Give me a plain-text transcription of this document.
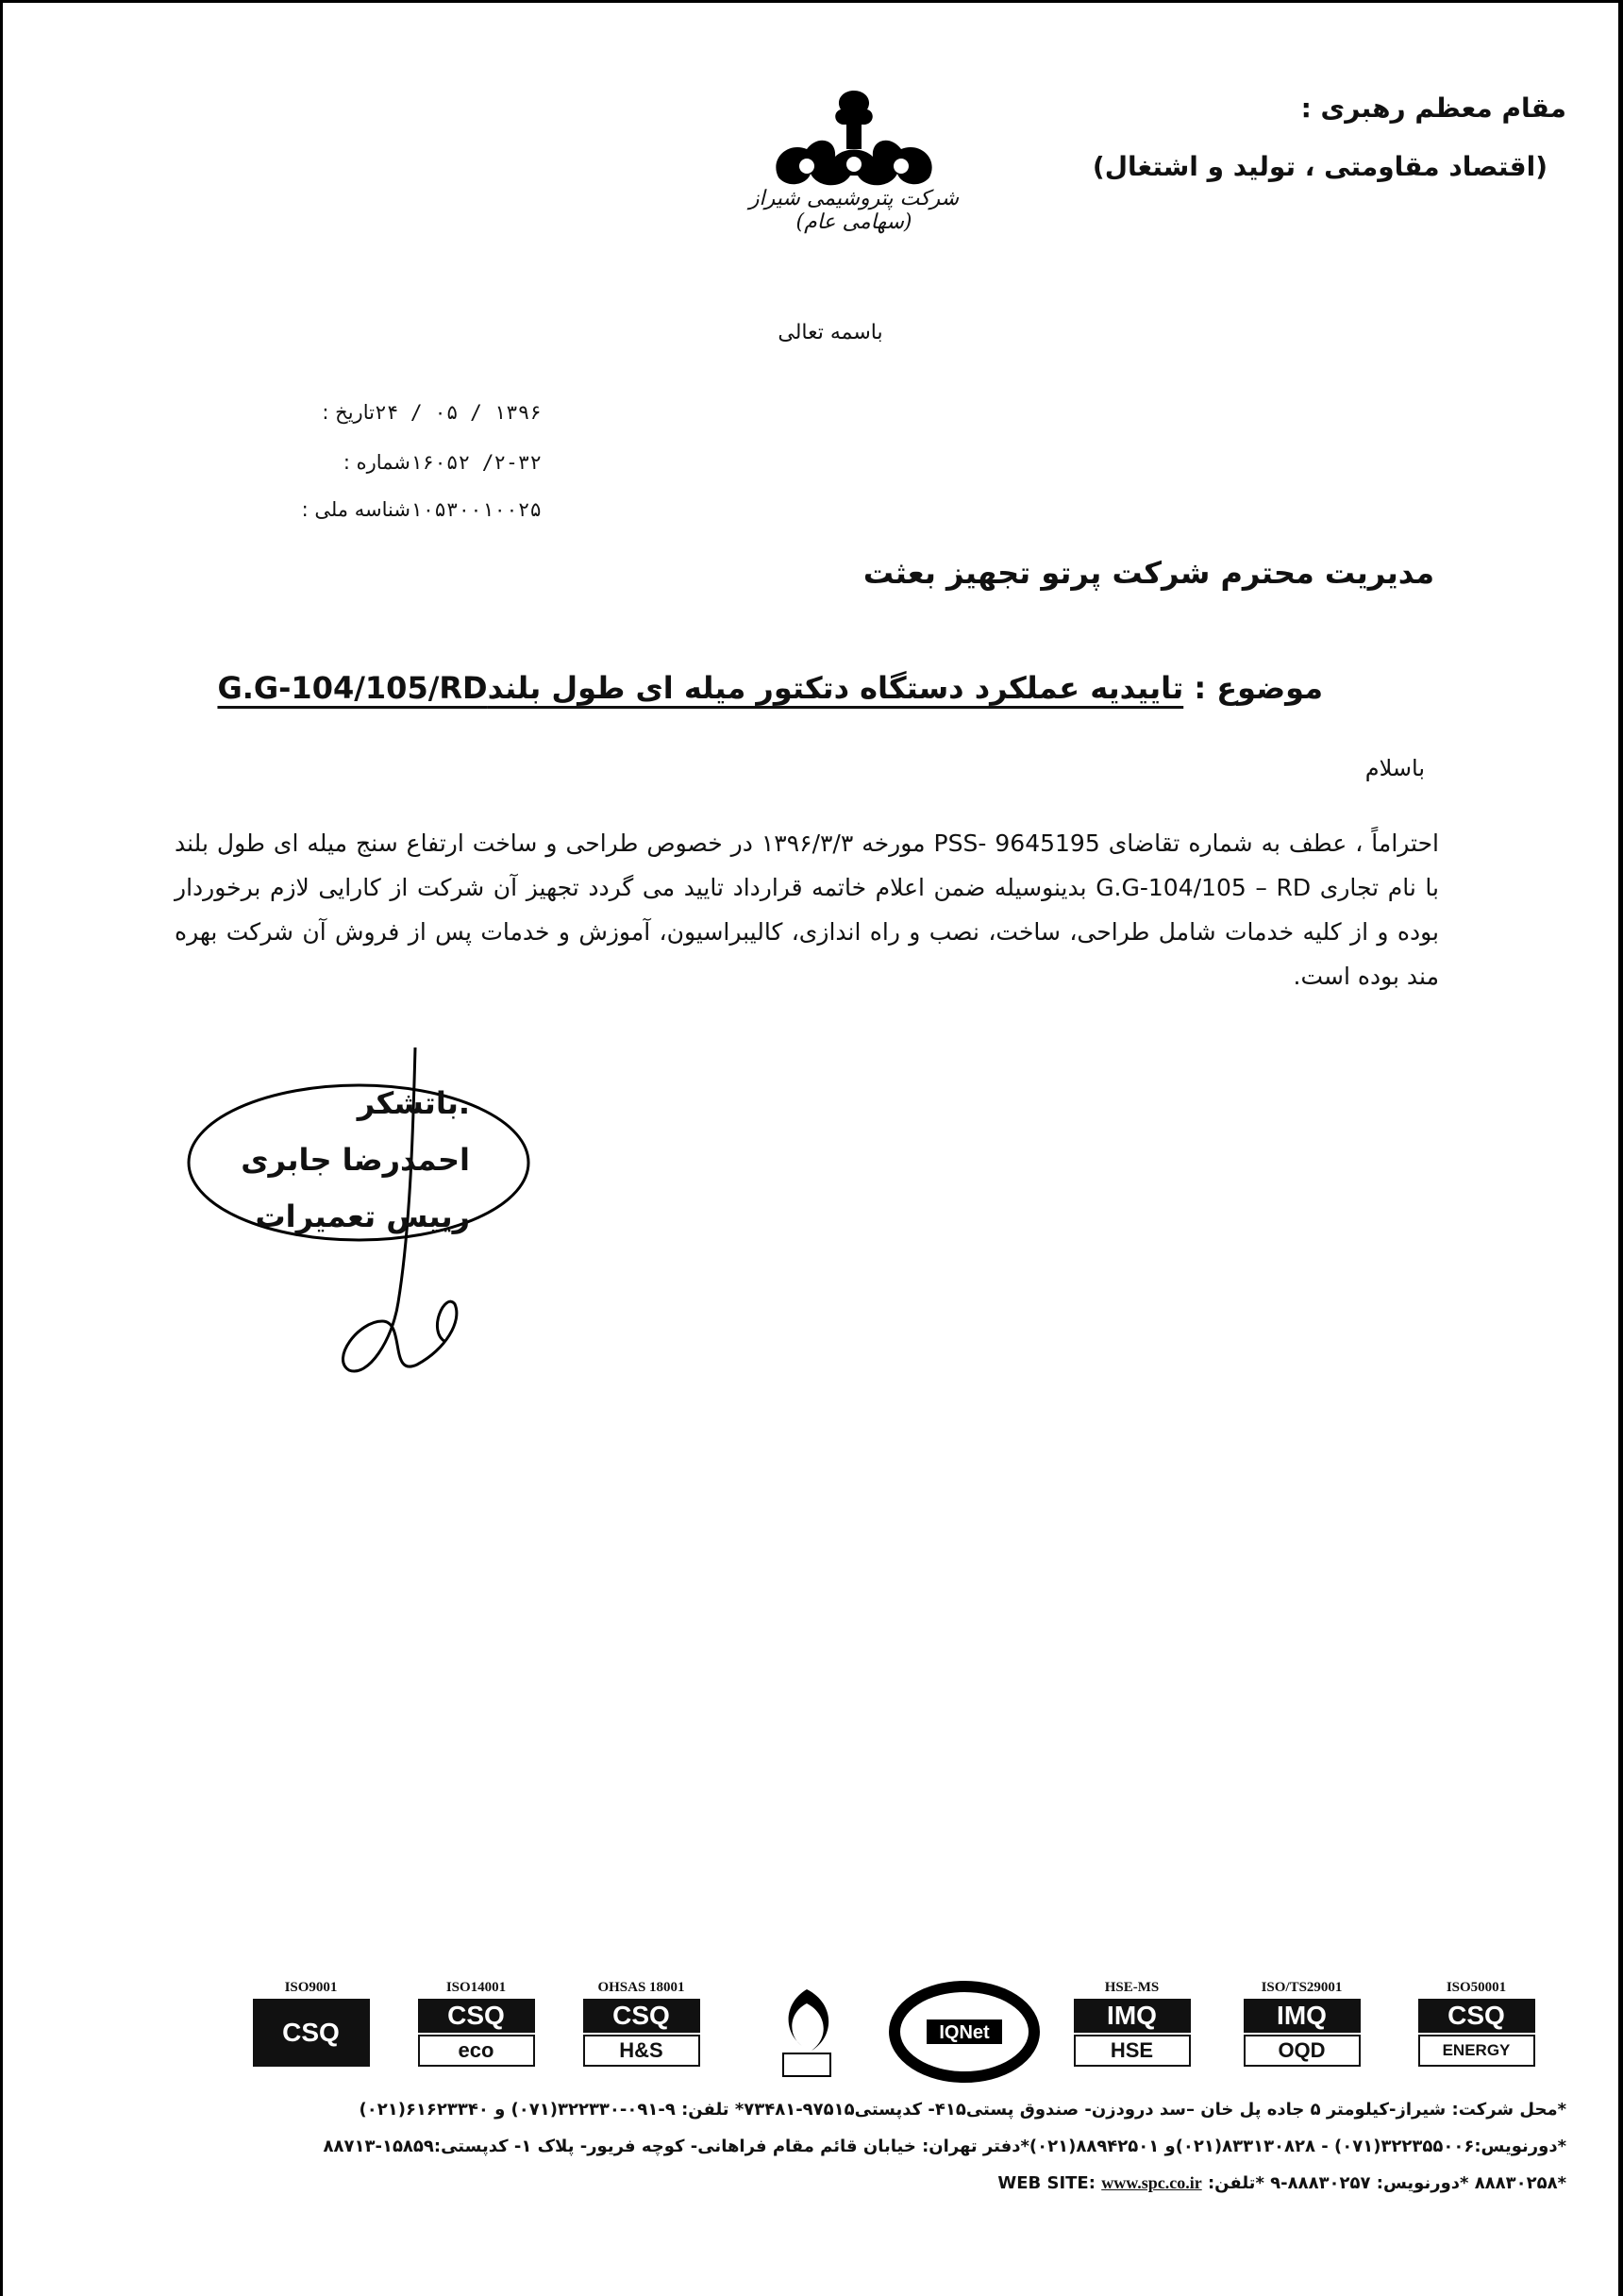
مقام معظم رهبری :
(اقتصاد مقاومتی ، تولید و اشتغال)
شرکت پتروشیمی شیراز (سهامی عام)
باسمه تعالی
تاریخ :۱۳۹۶ / ۰۵ / ۲۴
شماره :۲-۳۲/ ۱۶۰۵۲
شناسه ملی :۱۰۵۳۰۰۱۰۰۲۵
مدیریت محترم شرکت پرتو تجهیز بعثت
موضوع : تاییدیه عملکرد دستگاه دتکتور میله ای طول بلندG.G-104/105/RD
باسلام
احتراماً ، عطف به شماره تقاضای PSS- 9645195 مورخه ۱۳۹۶/۳/۳ در خصوص طراحی و ساخت ارتفاع سنج میله ای طول بلند با نام تجاری G.G-104/105 – RD بدینوسیله ضمن اعلام خاتمه قرارداد تایید می گردد تجهیز آن شرکت از کارایی لازم برخوردار بوده و از کلیه خدمات شامل طراحی، ساخت، نصب و راه اندازی، کالیبراسیون، آموزش و خدمات پس از فروش آن شرکت بهره مند بوده است.
.باتشکر
احمدرضا جابری
رییس تعمیرات
ISO9001
CSQ
ISO14001
CSQ
eco
OHSAS 18001
CSQ
H&S
IQNet
HSE-MS
IMQ
HSE
ISO/TS29001
IMQ
OQD
ISO50001
CSQ
ENERGY
*محل شرکت: شیراز-کیلومتر ۵ جاده پل خان –سد درودزن- صندوق پستی۴۱۵- کدپستی۹۷۵۱۵-۷۳۴۸۱* تلفن: ۹-۰۹۱-۳۲۲۳۳۰(۰۷۱) و ۶۱۶۲۳۳۴۰(۰۲۱)
*دورنویس:۳۲۲۳۵۵۰۰۶(۰۷۱) - ۸۳۳۱۳۰۸۲۸(۰۲۱)و ۸۸۹۴۲۵۰۱(۰۲۱)*دفتر تهران: خیابان قائم مقام فراهانی- کوچه فریور- پلاک ۱- کدپستی:۱۵۸۵۹-۸۸۷۱۳
WEB SITE: www.spc.co.ir *۸۸۸۳۰۲۵۸ *دورنویس: ۸۸۸۳۰۲۵۷-۹ *تلفن:
